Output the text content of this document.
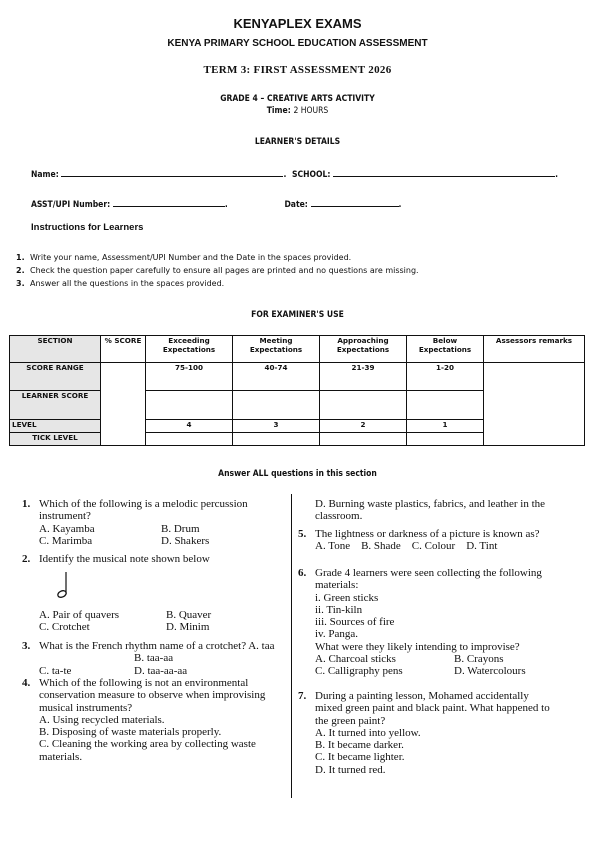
KENYAPLEX EXAMS
KENYA PRIMARY SCHOOL EDUCATION ASSESSMENT
TERM 3: FIRST ASSESSMENT 2026
GRADE 4 – CREATIVE ARTS ACTIVITY
Time: 2 HOURS
LEARNER'S DETAILS
Name:	. SCHOOL:	.
ASST/UPI Number:	.	Date:	.
Instructions for Learners
1. Write your name, Assessment/UPI Number and the Date in the spaces provided.
2. Check the question paper carefully to ensure all pages are printed and no questions are missing.
3. Answer all the questions in the spaces provided.
FOR EXAMINER'S USE
SECTION	% SCORE	Exceeding Expectations	Meeting Expectations	Approaching Expectations	Below Expectations	Assessors remarks
SCORE RANGE		75-100	40-74	21-39	1-20	
LEARNER SCORE						
LEVEL		4	3	2	1	
TICK LEVEL						
Answer ALL questions in this section
1. Which of the following is a melodic percussion instrument?
A. Kayamba	B. Drum
C. Marimba	D. Shakers
2. Identify the musical note shown below
A. Pair of quavers	B. Quaver
C. Crotchet	D. Minim
3. What is the French rhythm name of a crotchet? A. taa
B. taa-aa
C. ta-te	D. taa-aa-aa
4. Which of the following is not an environmental conservation measure to observe when improvising musical instruments?
A. Using recycled materials.
B. Disposing of waste materials properly.
C. Cleaning the working area by collecting waste materials.
D. Burning waste plastics, fabrics, and leather in the classroom.
5. The lightness or darkness of a picture is known as?
A. Tone    B. Shade    C. Colour    D. Tint
6. Grade 4 learners were seen collecting the following materials:
i. Green sticks
ii. Tin-kiln
iii. Sources of fire
iv. Panga.
What were they likely intending to improvise?
A. Charcoal sticks	B. Crayons
C. Calligraphy pens	D. Watercolours
7. During a painting lesson, Mohamed accidentally mixed green paint and black paint. What happened to the green paint?
A. It turned into yellow.
B. It became darker.
C. It became lighter.
D. It turned red.
